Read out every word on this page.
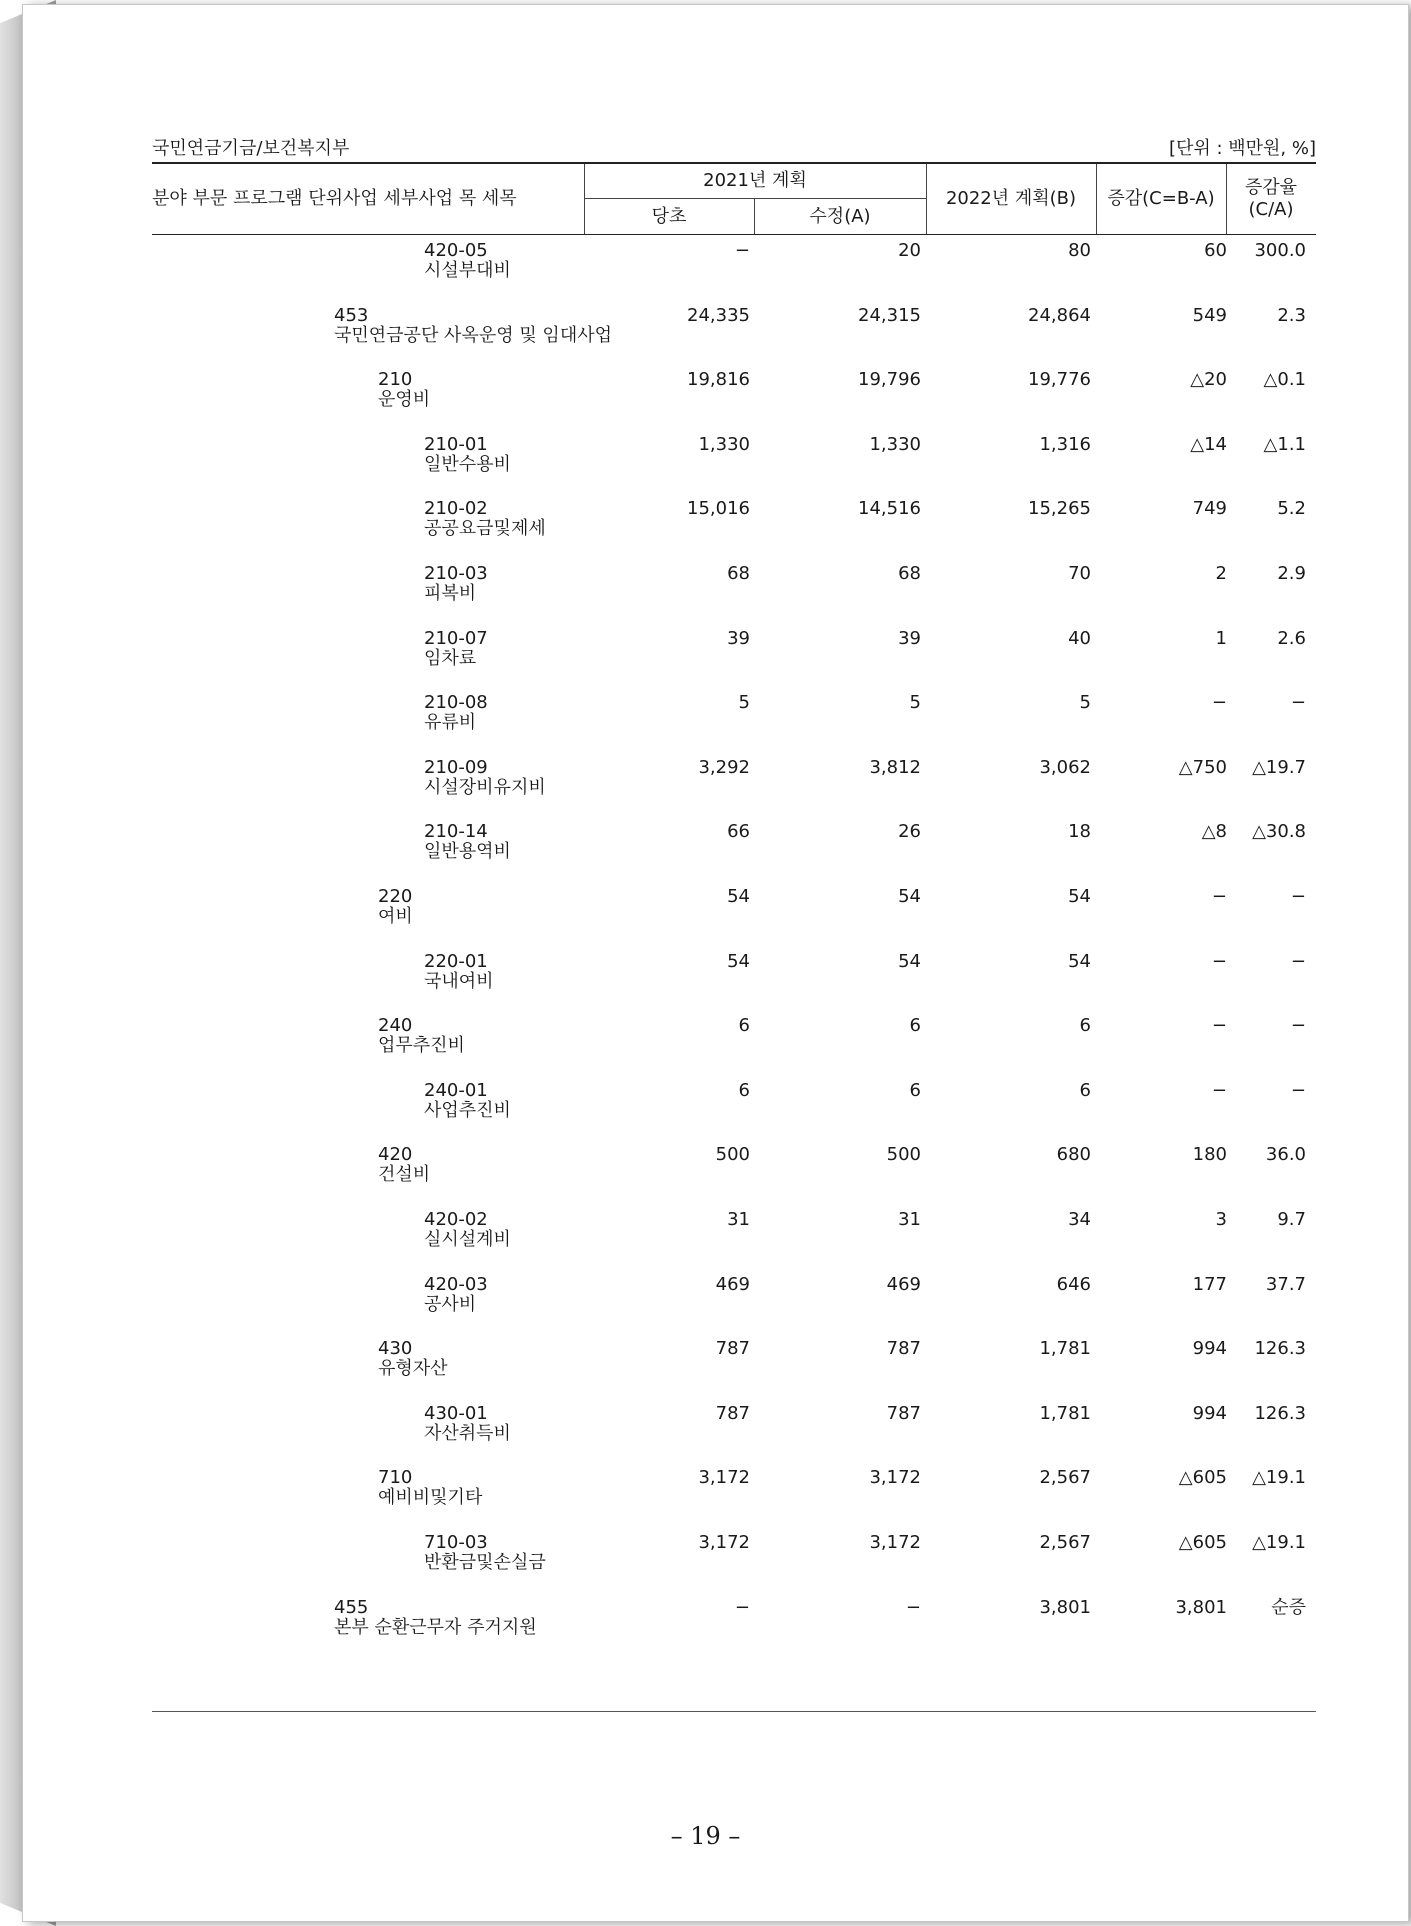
국민연금기금/보건복지부	[단위 : 백만원, %]
분야 부문 프로그램 단위사업 세부사업 목 세목
2021년 계획
당초	수정(A)
2022년 계획(B)	증감(C=B-A)
증감율
(C/A)
420-05
시설부대비
−	20	80	60 300.0
453
국민연금공단 사옥운영 및 임대사업
24,335	24,315	24,864	549	2.3
210
운영비
19,816	19,796	19,776	△20 △0.1
210-01
일반수용비
1,330	1,330	1,316	△14 △1.1
210-02
공공요금및제세
15,016	14,516	15,265	749	5.2
210-03
피복비
68	68	70	2	2.9
210-07
임차료
39	39	40	1	2.6
210-08
유류비
5	5	5	−	−
210-09
시설장비유지비
3,292	3,812	3,062	△750 △19.7
210-14
일반용역비
66	26	18	△8 △30.8
220
여비
54	54	54	−	−
220-01
국내여비
54	54	54	−	−
240
업무추진비
6	6	6	−	−
240-01
사업추진비
6	6	6	−	−
420
건설비
500	500	680	180 36.0
420-02
실시설계비
31	31	34	3	9.7
420-03
공사비
469	469	646	177 37.7
430
유형자산
787	787	1,781	994 126.3
430-01
자산취득비
787	787	1,781	994 126.3
710
예비비및기타
3,172	3,172	2,567	△605 △19.1
710-03
반환금및손실금
3,172	3,172	2,567	△605 △19.1
455
본부 순환근무자 주거지원
−	−	3,801	3,801 순증
– 19 –
